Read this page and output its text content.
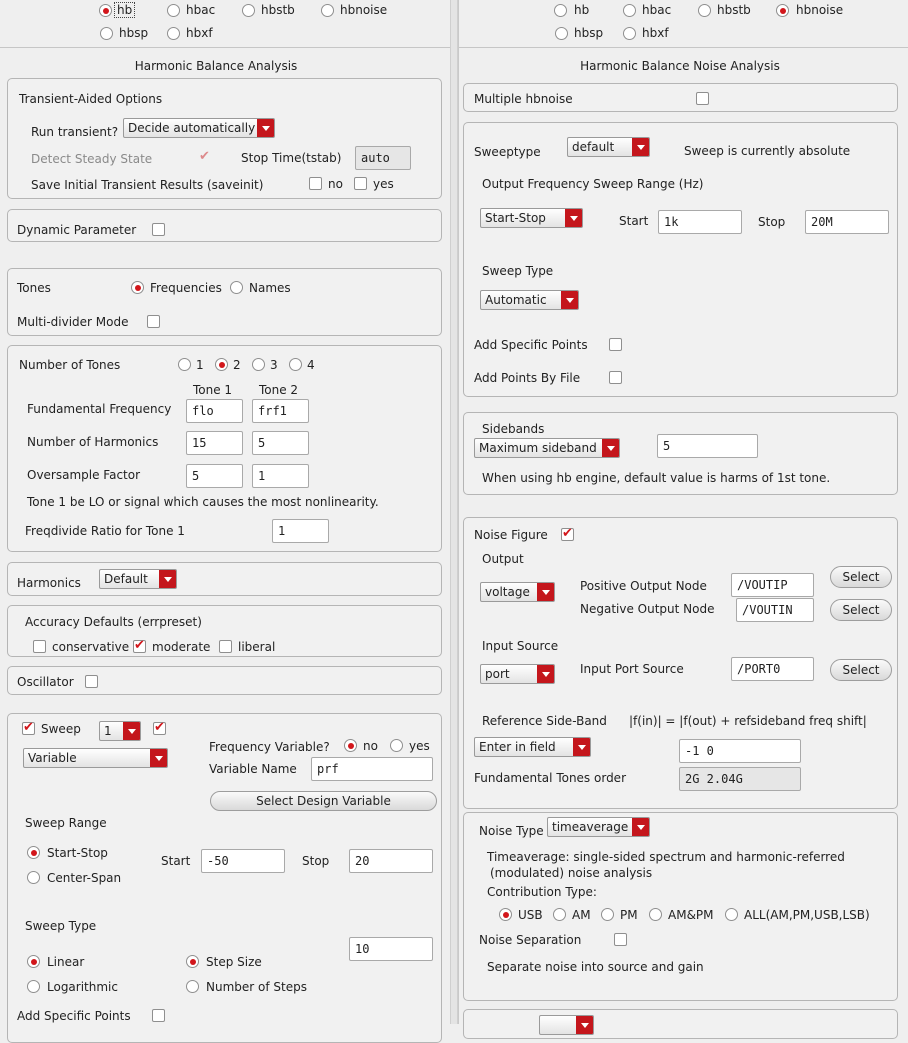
hb	hbac	hbstb	hbnoise
hbsp	hbxf
Harmonic Balance Analysis
Transient-Aided Options
Run transient? Decide automatically
Detect Steady State ✔	Stop Time(tstab)	auto
Save Initial Transient Results (saveinit)	no	yes
Dynamic Parameter
Tones	Frequencies Names
Multi-divider Mode
Number of Tones	1 2 3 4
Tone 1 Tone 2
Fundamental Frequency	flo	frf1
Number of Harmonics	15	5
Oversample Factor	5	1
Tone 1 be LO or signal which causes the most nonlinearity.
Freqdivide Ratio for Tone 1	1
Harmonics	Default
Accuracy Defaults (errpreset)
conservative ✔ moderate liberal
Oscillator
✔
Sweep	1
✔
Variable
Frequency Variable?	no	yes
Variable Name	prf
Select Design Variable
Sweep Range
Start-Stop
Center-Span
Start	-50	Stop	20
Sweep Type
10
Linear
Logarithmic
Step Size
Number of Steps
Add Specific Points
hb	hbac	hbstb	hbnoise
hbsp	hbxf
Harmonic Balance Noise Analysis
Multiple hbnoise
Sweeptype	default	Sweep is currently absolute
Output Frequency Sweep Range (Hz)
Start-Stop	Start	1k	Stop	20M
Sweep Type
Automatic
Add Specific Points
Add Points By File
Sidebands
Maximum sideband	5
When using hb engine, default value is harms of 1st tone.
Noise Figure
✔
Output
voltage	Positive Output Node	/VOUTIP
Select
Negative Output Node	/VOUTIN	Select
Input Source
port	Input Port Source	/PORT0	Select
Reference Side-Band |f(in)| = |f(out) + refsideband freq shift|
Enter in field	-1 0
Fundamental Tones order	2G 2.04G
Noise Type timeaverage
Timeaverage: single-sided spectrum and harmonic-referred
(modulated) noise analysis
Contribution Type:
USB AM PM	AM&PM	ALL(AM,PM,USB,LSB)
Noise Separation
Separate noise into source and gain
